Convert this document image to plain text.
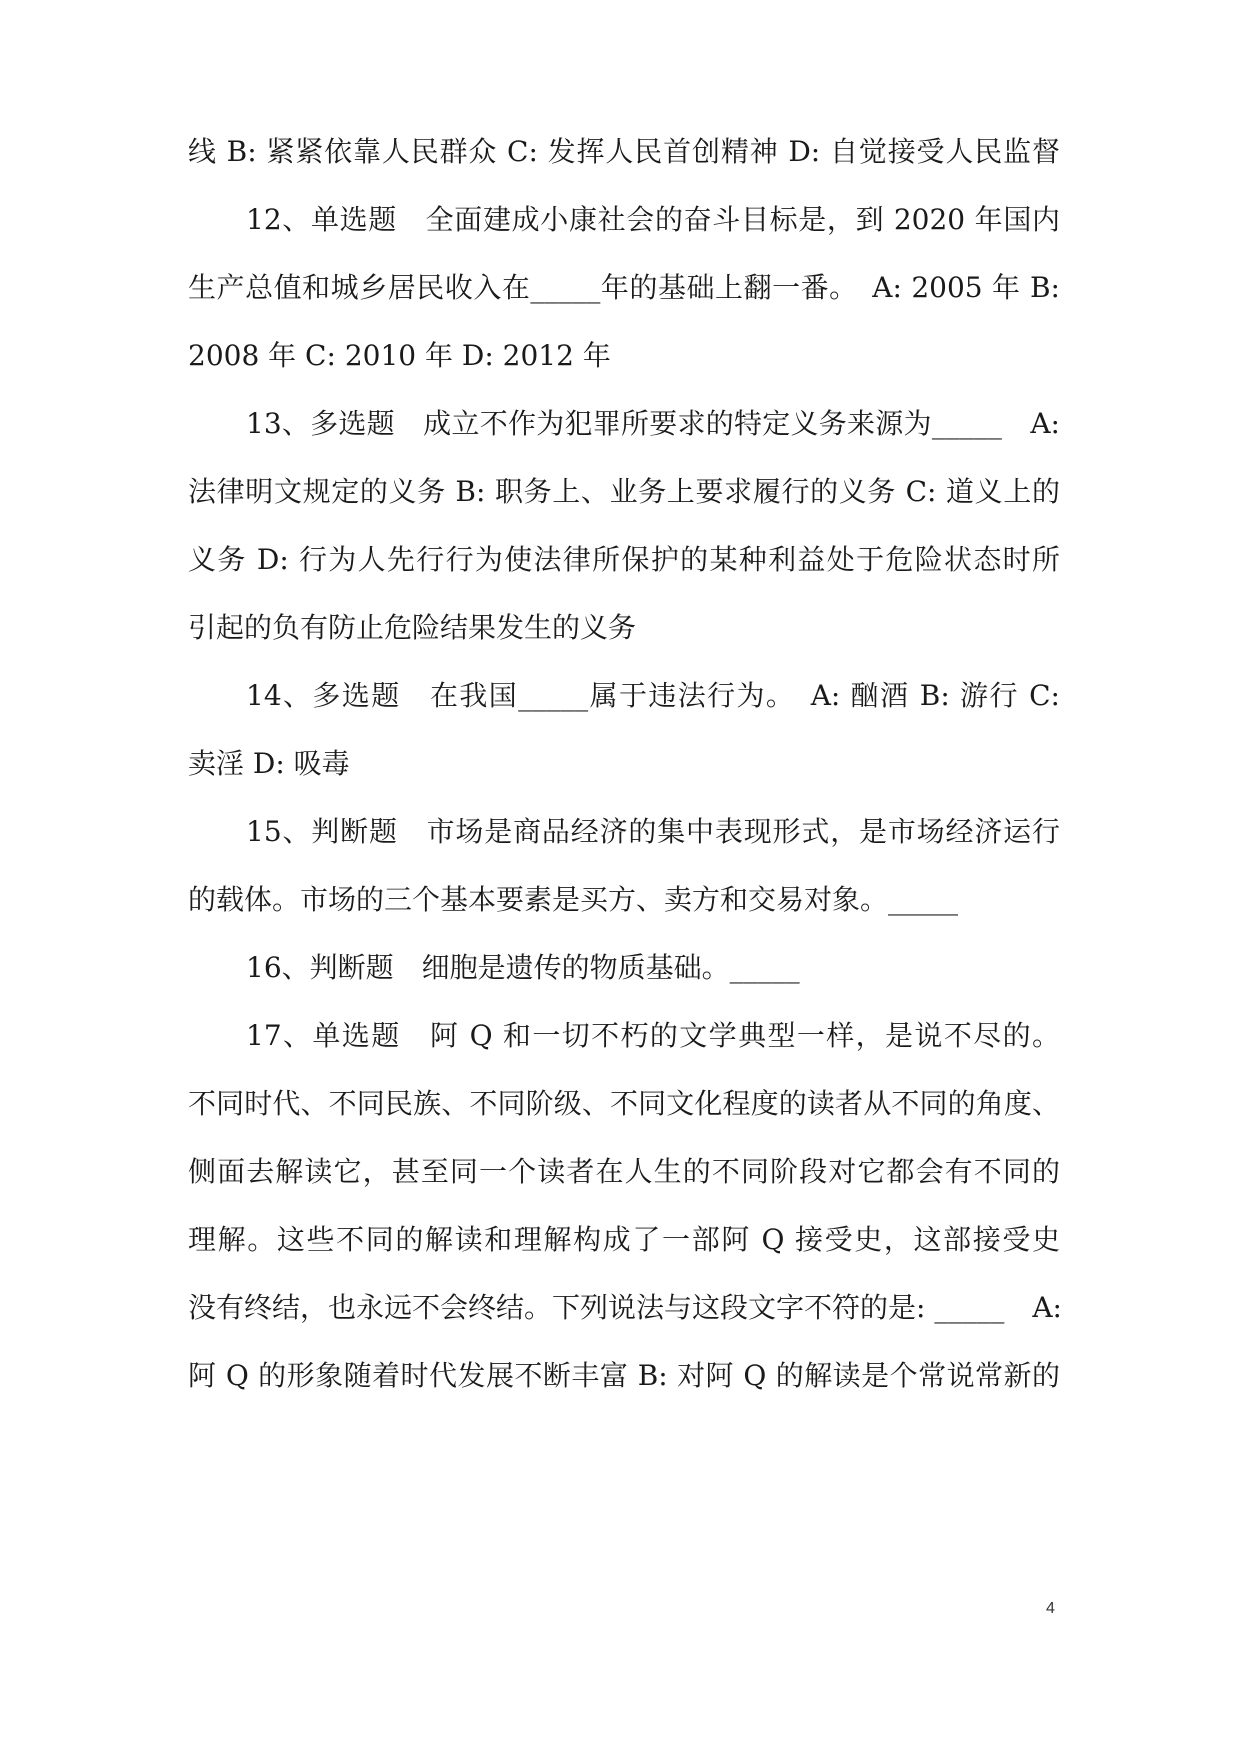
线 B: 紧紧依靠人民群众 C: 发挥人民首创精神 D: 自觉接受人民监督
12、单选题　全面建成小康社会的奋斗目标是，到 2020 年国内
生产总值和城乡居民收入在_____年的基础上翻一番。　A: 2005 年 B:
2008 年 C: 2010 年 D: 2012 年
13、多选题　成立不作为犯罪所要求的特定义务来源为_____　A:
法律明文规定的义务 B: 职务上、业务上要求履行的义务 C: 道义上的
义务 D: 行为人先行行为使法律所保护的某种利益处于危险状态时所
引起的负有防止危险结果发生的义务
14、多选题　在我国_____属于违法行为。　A: 酗酒 B: 游行 C:
卖淫 D: 吸毒
15、判断题　市场是商品经济的集中表现形式，是市场经济运行
的载体。市场的三个基本要素是买方、卖方和交易对象。_____
16、判断题　细胞是遗传的物质基础。_____
17、单选题　阿 Q 和一切不朽的文学典型一样，是说不尽的。
不同时代、不同民族、不同阶级、不同文化程度的读者从不同的角度、
侧面去解读它，甚至同一个读者在人生的不同阶段对它都会有不同的
理解。这些不同的解读和理解构成了一部阿 Q 接受史，这部接受史
没有终结，也永远不会终结。下列说法与这段文字不符的是: _____　A:
阿 Q 的形象随着时代发展不断丰富 B: 对阿 Q 的解读是个常说常新的
4
